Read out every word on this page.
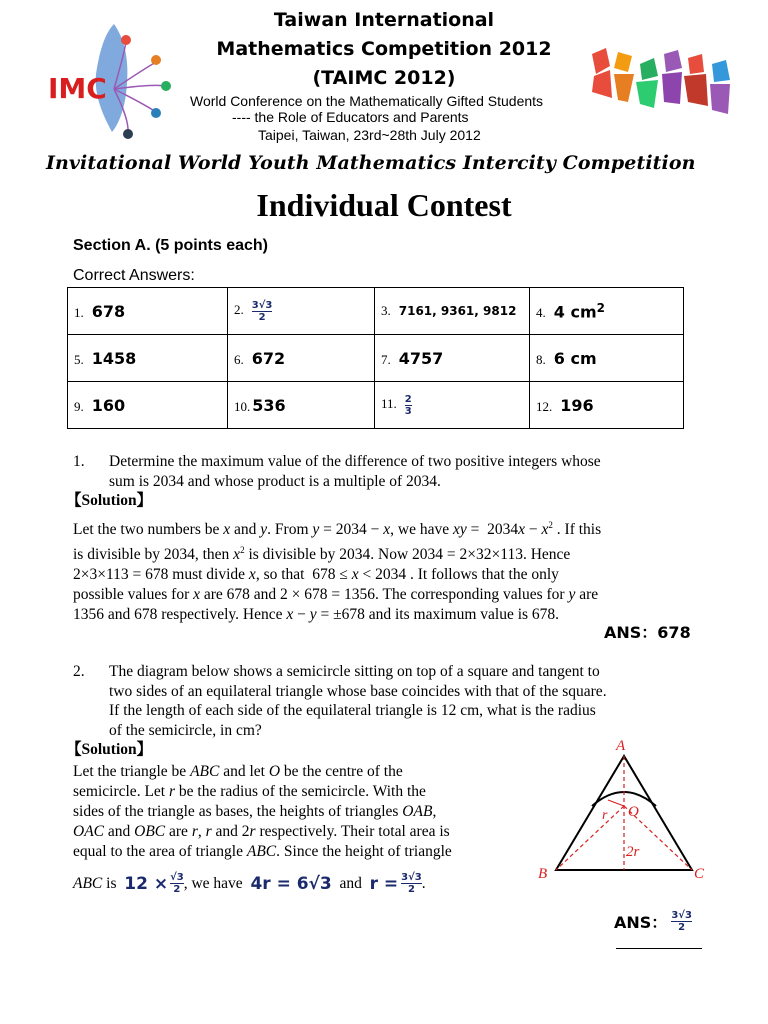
IMC
Taiwan International
Mathematics Competition 2012
(TAIMC 2012)
World Conference on the Mathematically Gifted Students
---- the Role of Educators and Parents
Taipei, Taiwan, 23rd~28th July 2012
Invitational World Youth Mathematics Intercity Competition
Individual Contest
Section A. (5 points each)
Correct Answers:
1. 678	2. $\frac{3√3}{2}$	3. 7161, 9361, 9812	4. 4 $cm^2$
5. 1458	6. 672	7. 4757	8. 6 cm
9. 160	10. 536	11. $\frac{2}{3}$	12. 196
1. Determine the maximum value of the difference of two positive integers whose
sum is 2034 and whose product is a multiple of 2034.
【Solution】
Let the two numbers be x and y. From y = 2034 − x, we have xy =  $2034x - x^2$ . If this
is divisible by 2034, then $x^2$ is divisible by 2034. Now 2034 = 2×32×113. Hence
2×3×113 = 678 must divide x, so that  678 ≤ x < 2034 . It follows that the only
possible values for x are 678 and 2 × 678 = 1356. The corresponding values for y are
1356 and 678 respectively. Hence x − y = ±678 and its maximum value is 678.
ANS：678
2. The diagram below shows a semicircle sitting on top of a square and tangent to
two sides of an equilateral triangle whose base coincides with that of the square.
If the length of each side of the equilateral triangle is 12 cm, what is the radius
of the semicircle, in cm?
【Solution】
Let the triangle be ABC and let O be the centre of the
semicircle. Let r be the radius of the semicircle. With the
sides of the triangle as bases, the heights of triangles OAB,
OAC and OBC are r, r and 2r respectively. Their total area is
equal to the area of triangle ABC. Since the height of triangle
ABC is $12 \times \frac{√3}{2}$ , we have 4r = 6√3 and $r = \frac{3√3}{2}$ .
A
O
r
2r
B	C
ANS： $\frac{3√3}{2}$
